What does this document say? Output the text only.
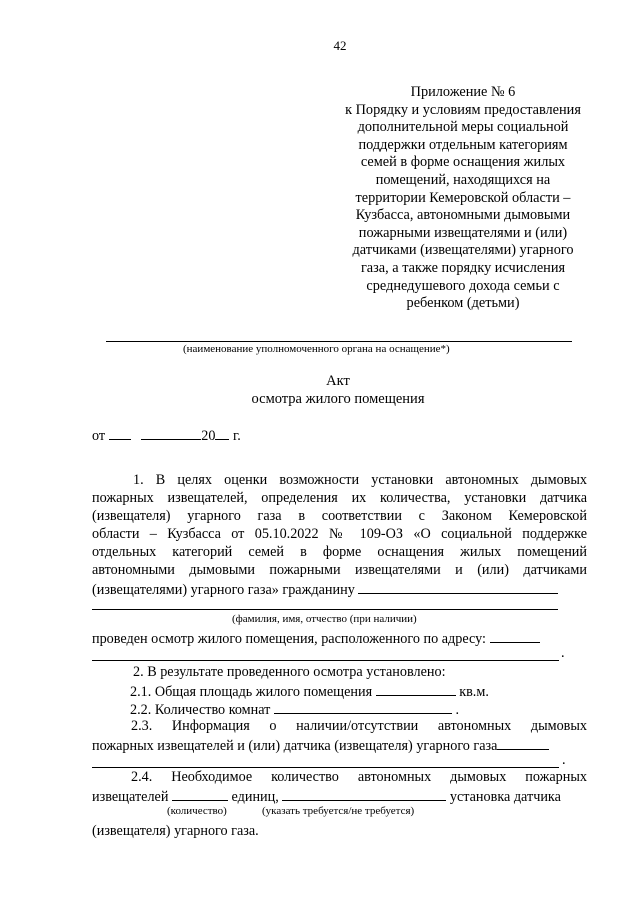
42
Приложение № 6
к Порядку и условиям предоставления
дополнительной меры социальной
поддержки отдельным категориям
семей в форме оснащения жилых
помещений, находящихся на
территории Кемеровской области –
Кузбасса, автономными дымовыми
пожарными извещателями и (или)
датчиками (извещателями) угарного
газа, а также порядку исчисления
среднедушевого дохода семьи с
ребенком (детьми)
(наименование уполномоченного органа на оснащение*)
Акт
осмотра жилого помещения
от	20 г.
1. В целях оценки возможности установки автономных дымовых
пожарных извещателей, определения их количества, установки датчика
(извещателя) угарного газа в соответствии с Законом Кемеровской
области – Кузбасса от 05.10.2022 № 109-ОЗ «О социальной поддержке
отдельных категорий семей в форме оснащения жилых помещений
автономными дымовыми пожарными извещателями и (или) датчиками
(извещателями) угарного газа» гражданину
(фамилия, имя, отчество (при наличии)
проведен осмотр жилого помещения, расположенного по адресу:
.
2. В результате проведенного осмотра установлено:
2.1. Общая площадь жилого помещения	кв.м.
2.2. Количество комнат	.
2.3. Информация о наличии/отсутствии автономных дымовых
пожарных извещателей и (или) датчика (извещателя) угарного газа
.
2.4. Необходимое количество автономных дымовых пожарных
извещателей	единиц,	установка датчика
(количество)	(указать требуется/не требуется)
(извещателя) угарного газа.
